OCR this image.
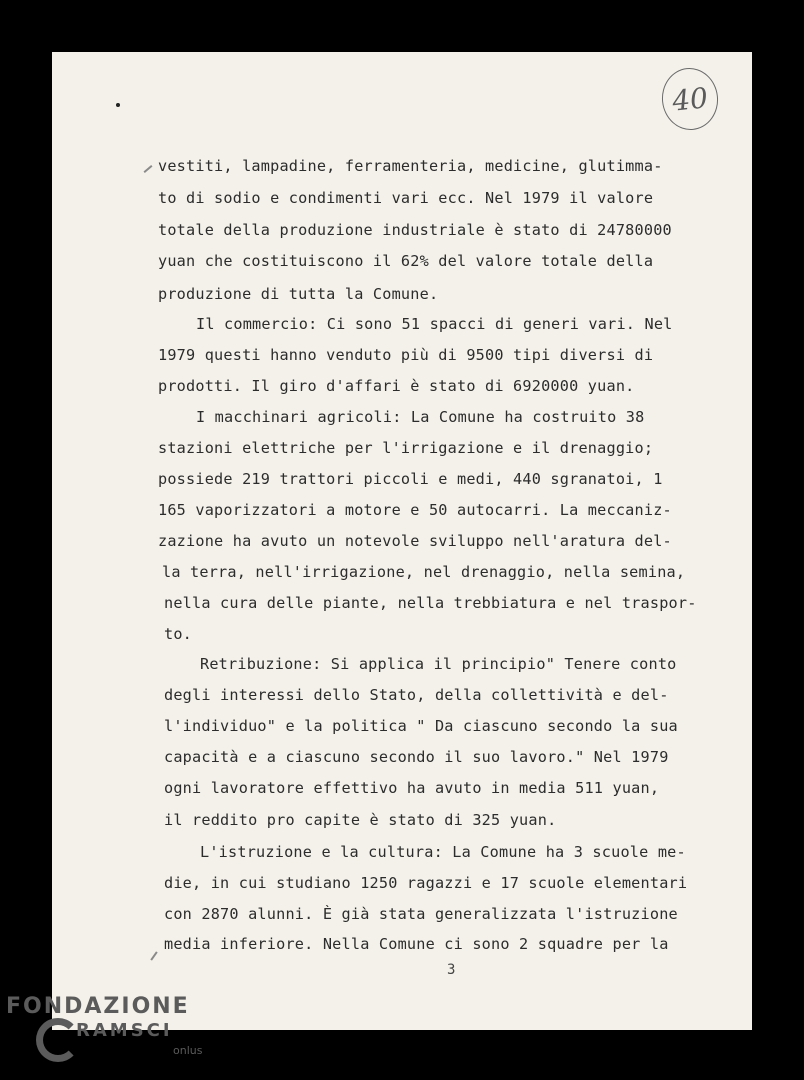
40
vestiti, lampadine, ferramenteria, medicine, glutimma-
to di sodio e condimenti vari ecc. Nel 1979 il valore
totale della produzione industriale è stato di 24780000
yuan che costituiscono il 62% del valore totale della
produzione di tutta la Comune.
Il commercio: Ci sono 51 spacci di generi vari. Nel
1979 questi hanno venduto più di 9500 tipi diversi di
prodotti. Il giro d'affari è stato di 6920000 yuan.
I macchinari agricoli: La Comune ha costruito 38
stazioni elettriche per l'irrigazione e il drenaggio;
possiede 219 trattori piccoli e medi, 440 sgranatoi, 1
165 vaporizzatori a motore e 50 autocarri. La meccaniz-
zazione ha avuto un notevole sviluppo nell'aratura del-
la terra, nell'irrigazione, nel drenaggio, nella semina,
nella cura delle piante, nella trebbiatura e nel traspor-
to.
Retribuzione: Si applica il principio" Tenere conto
degli interessi dello Stato, della collettività e del-
l'individuo" e la politica " Da ciascuno secondo la sua
capacità e a ciascuno secondo il suo lavoro." Nel 1979
ogni lavoratore effettivo ha avuto in media 511 yuan,
il reddito pro capite è stato di 325 yuan.
L'istruzione e la cultura: La Comune ha 3 scuole me-
die, in cui studiano 1250 ragazzi e 17 scuole elementari
con 2870 alunni. È già stata generalizzata l'istruzione
media inferiore. Nella Comune ci sono 2 squadre per la
3
FONDAZIONE
RAMSCI
onlus
